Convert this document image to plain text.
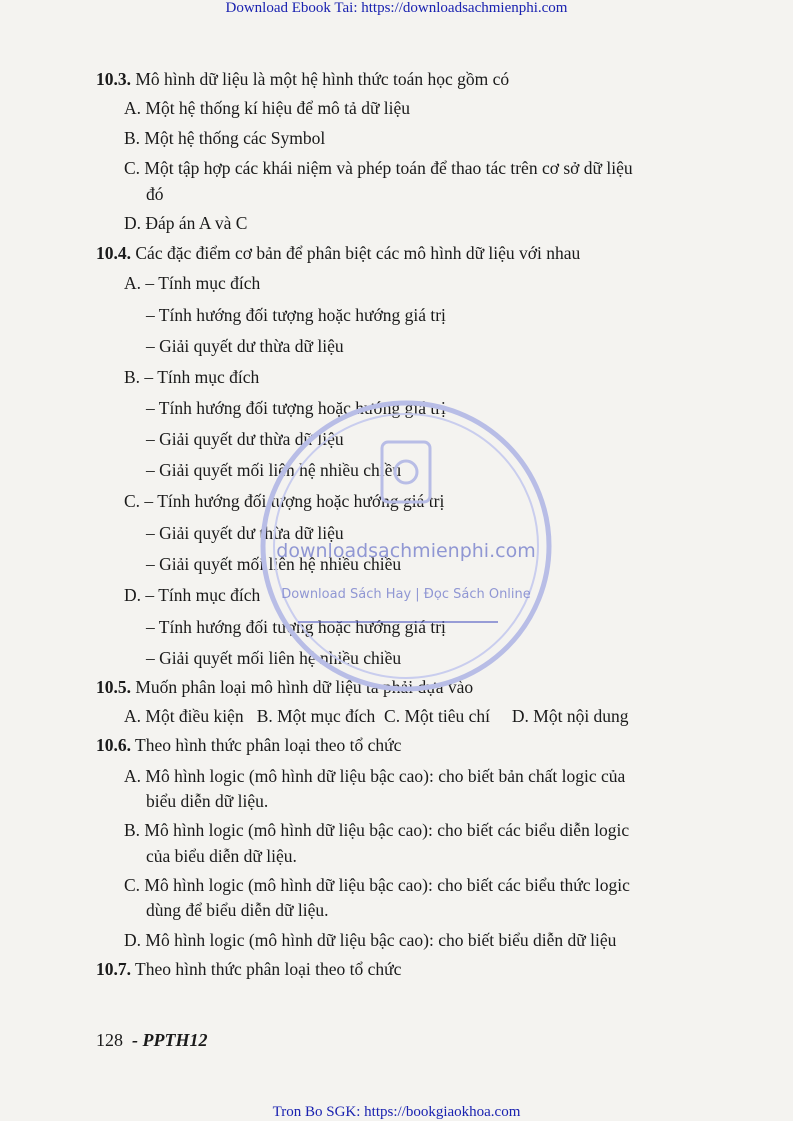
Download Ebook Tai: https://downloadsachmienphi.com
10.3. Mô hình dữ liệu là một hệ hình thức toán học gồm có
A. Một hệ thống kí hiệu để mô tả dữ liệu
B. Một hệ thống các Symbol
C. Một tập hợp các khái niệm và phép toán để thao tác trên cơ sở dữ liệu
đó
D. Đáp án A và C
10.4. Các đặc điểm cơ bản để phân biệt các mô hình dữ liệu với nhau
A. – Tính mục đích
– Tính hướng đối tượng hoặc hướng giá trị
– Giải quyết dư thừa dữ liệu
B. – Tính mục đích
– Tính hướng đối tượng hoặc hướng giá trị
– Giải quyết dư thừa dữ liệu
– Giải quyết mối liên hệ nhiều chiều
C. – Tính hướng đối tượng hoặc hướng giá trị
– Giải quyết dư thừa dữ liệu
– Giải quyết mối liên hệ nhiều chiều
D. – Tính mục đích
– Tính hướng đối tượng hoặc hướng giá trị
– Giải quyết mối liên hệ nhiều chiều
10.5. Muốn phân loại mô hình dữ liệu ta phải dựa vào
A. Một điều kiện   B. Một mục đích  C. Một tiêu chí     D. Một nội dung
10.6. Theo hình thức phân loại theo tổ chức
A. Mô hình logic (mô hình dữ liệu bậc cao): cho biết bản chất logic của
biểu diễn dữ liệu.
B. Mô hình logic (mô hình dữ liệu bậc cao): cho biết các biểu diễn logic
của biểu diễn dữ liệu.
C. Mô hình logic (mô hình dữ liệu bậc cao): cho biết các biểu thức logic
dùng để biểu diễn dữ liệu.
D. Mô hình logic (mô hình dữ liệu bậc cao): cho biết biểu diễn dữ liệu
10.7. Theo hình thức phân loại theo tổ chức
128 - PPTH12
downloadsachmienphi.com
Download Sách Hay | Đọc Sách Online
Tron Bo SGK: https://bookgiaokhoa.com
